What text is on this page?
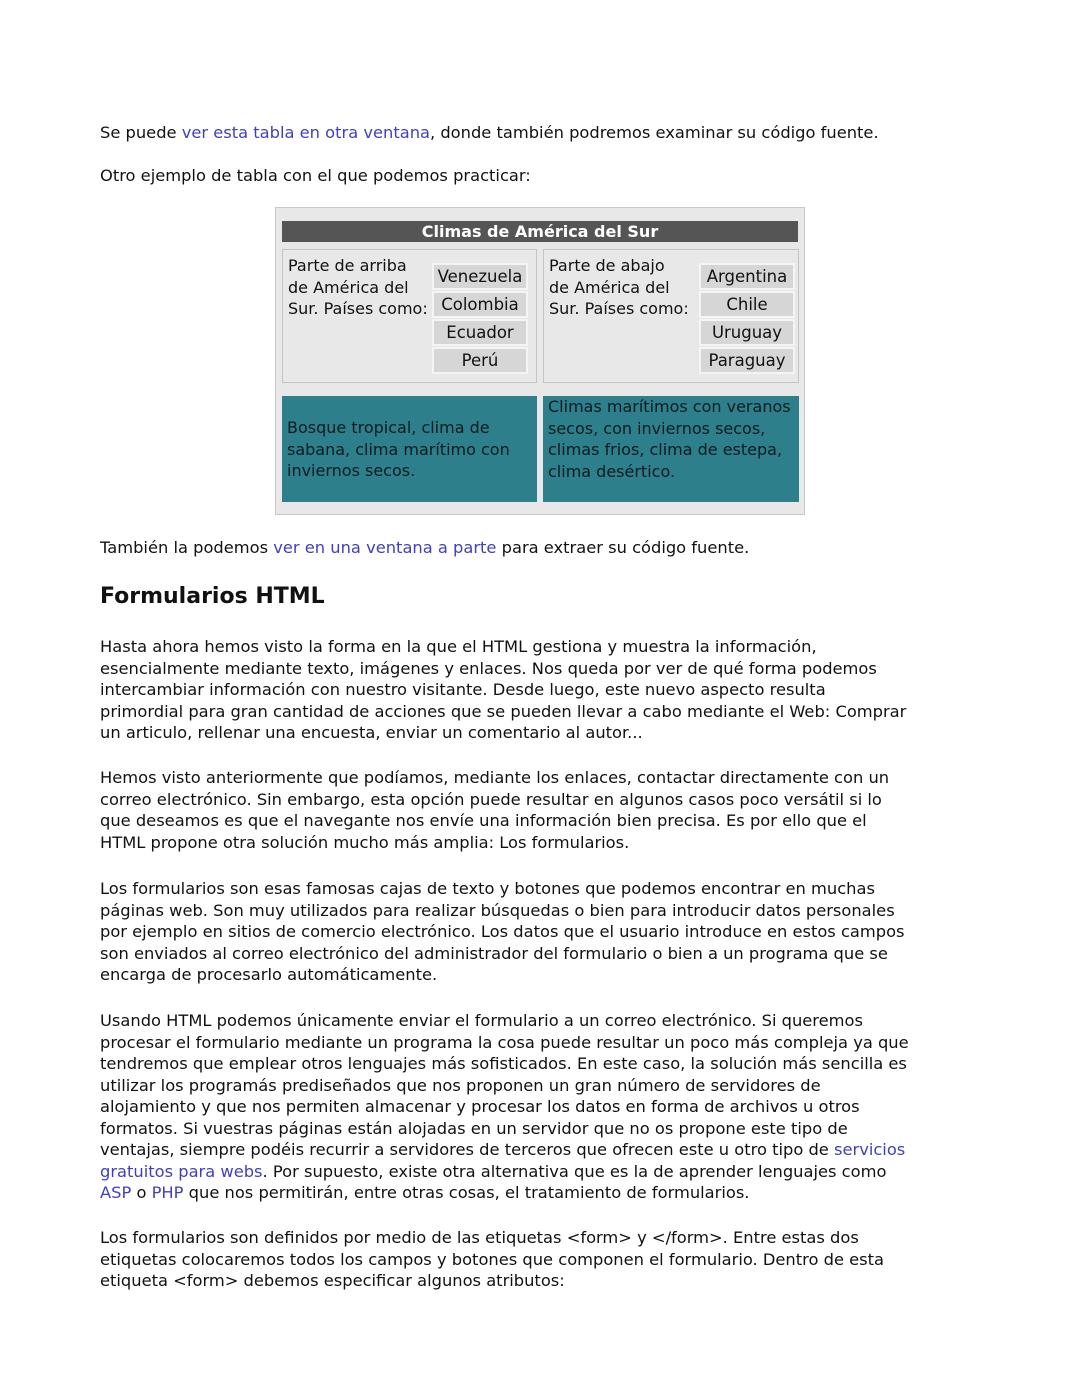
Se puede ver esta tabla en otra ventana, donde también podremos examinar su código fuente.
Otro ejemplo de tabla con el que podemos practicar:
Climas de América del Sur
Parte de arriba de América del Sur. Países como:
Venezuela
Colombia
Ecuador
Perú
Parte de abajo de América del Sur. Países como:
Argentina
Chile
Uruguay
Paraguay
Bosque tropical, clima de sabana, clima marítimo con inviernos secos.
Climas marítimos con veranos secos, con inviernos secos, climas frios, clima de estepa, clima desértico.
También la podemos ver en una ventana a parte para extraer su código fuente.
Formularios HTML
Hasta ahora hemos visto la forma en la que el HTML gestiona y muestra la información,
esencialmente mediante texto, imágenes y enlaces. Nos queda por ver de qué forma podemos
intercambiar información con nuestro visitante. Desde luego, este nuevo aspecto resulta
primordial para gran cantidad de acciones que se pueden llevar a cabo mediante el Web: Comprar
un articulo, rellenar una encuesta, enviar un comentario al autor...
Hemos visto anteriormente que podíamos, mediante los enlaces, contactar directamente con un
correo electrónico. Sin embargo, esta opción puede resultar en algunos casos poco versátil si lo
que deseamos es que el navegante nos envíe una información bien precisa. Es por ello que el
HTML propone otra solución mucho más amplia: Los formularios.
Los formularios son esas famosas cajas de texto y botones que podemos encontrar en muchas
páginas web. Son muy utilizados para realizar búsquedas o bien para introducir datos personales
por ejemplo en sitios de comercio electrónico. Los datos que el usuario introduce en estos campos
son enviados al correo electrónico del administrador del formulario o bien a un programa que se
encarga de procesarlo automáticamente.
Usando HTML podemos únicamente enviar el formulario a un correo electrónico. Si queremos
procesar el formulario mediante un programa la cosa puede resultar un poco más compleja ya que
tendremos que emplear otros lenguajes más sofisticados. En este caso, la solución más sencilla es
utilizar los programás prediseñados que nos proponen un gran número de servidores de
alojamiento y que nos permiten almacenar y procesar los datos en forma de archivos u otros
formatos. Si vuestras páginas están alojadas en un servidor que no os propone este tipo de
ventajas, siempre podéis recurrir a servidores de terceros que ofrecen este u otro tipo de servicios
gratuitos para webs. Por supuesto, existe otra alternativa que es la de aprender lenguajes como
ASP o PHP que nos permitirán, entre otras cosas, el tratamiento de formularios.
Los formularios son definidos por medio de las etiquetas <form> y </form>. Entre estas dos
etiquetas colocaremos todos los campos y botones que componen el formulario. Dentro de esta
etiqueta <form> debemos especificar algunos atributos:
